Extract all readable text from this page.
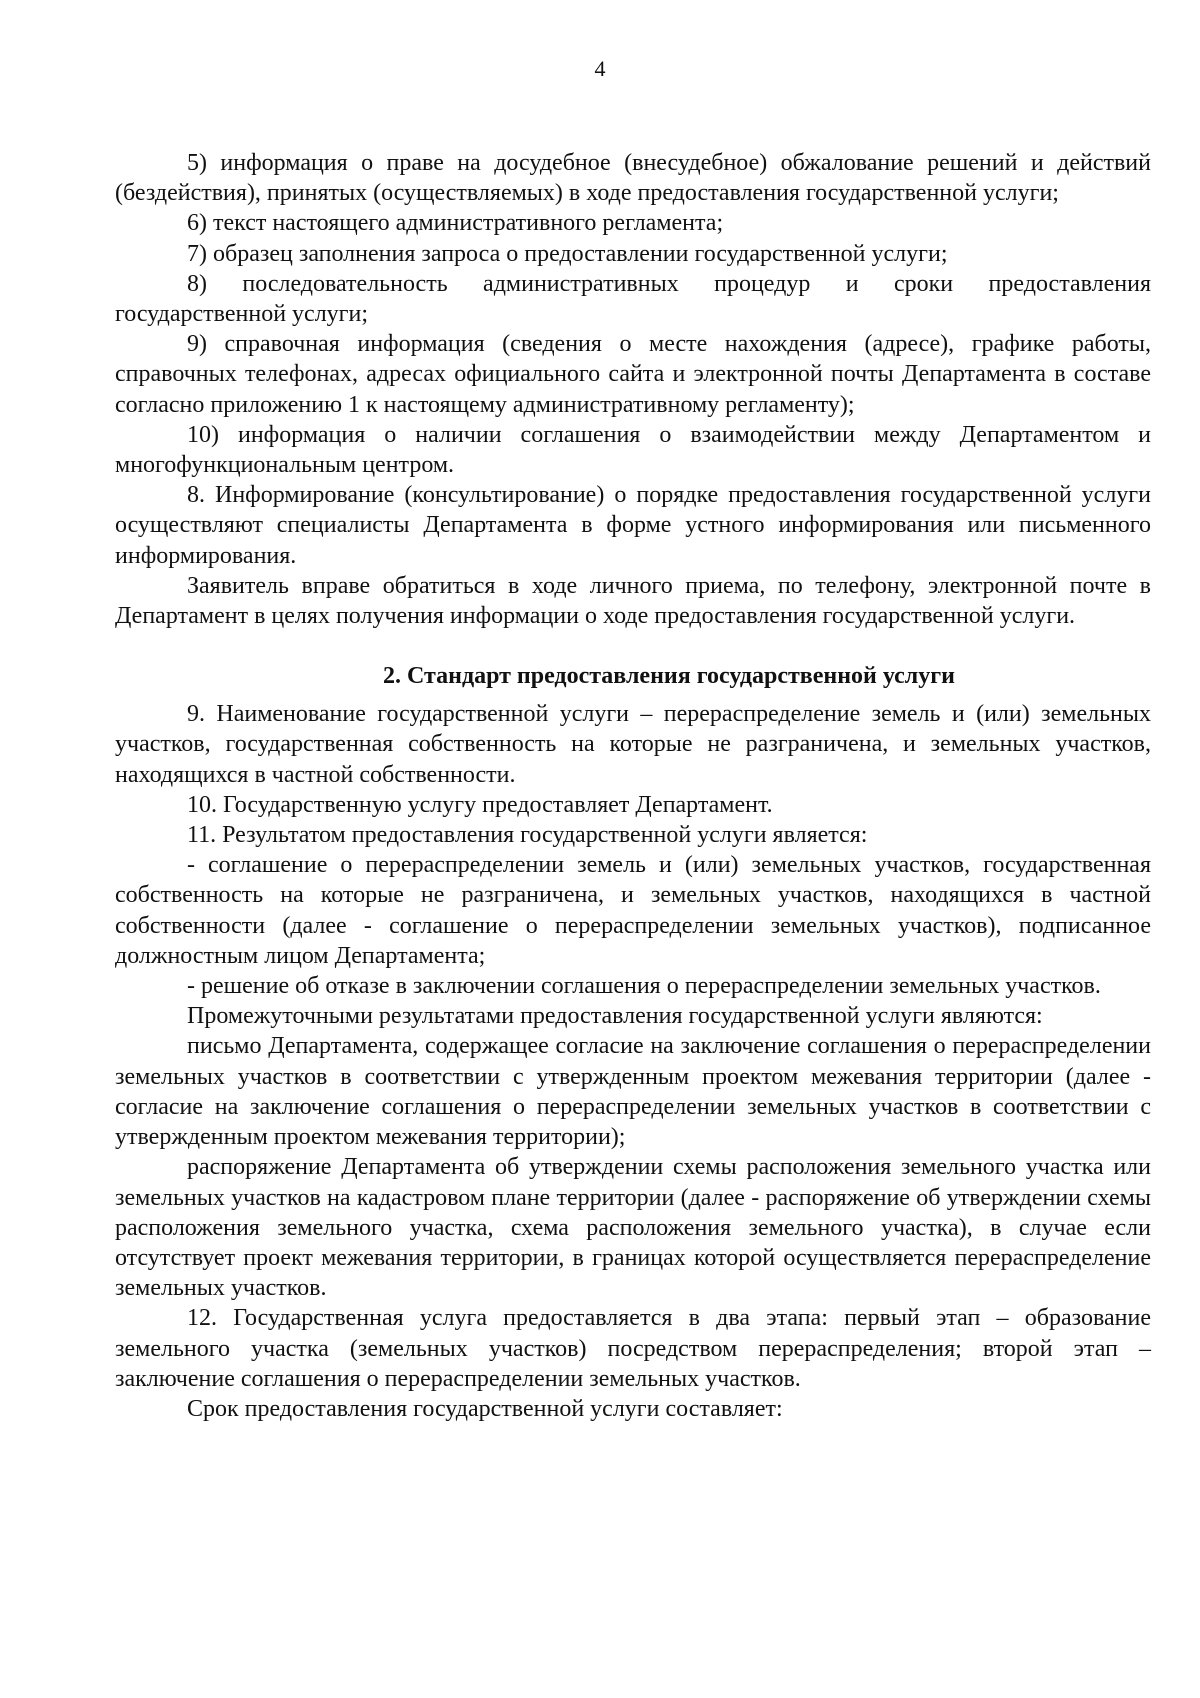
4

5) информация о праве на досудебное (внесудебное) обжалование решений и действий (бездействия), принятых (осуществляемых) в ходе предоставления государственной услуги;

6) текст настоящего административного регламента;

7) образец заполнения запроса о предоставлении государственной услуги;

8) последовательность административных процедур и сроки предоставления государственной услуги;

9) справочная информация (сведения о месте нахождения (адресе), графике работы, справочных телефонах, адресах официального сайта и электронной почты Департамента в составе согласно приложению 1 к настоящему административному регламенту);

10) информация о наличии соглашения о взаимодействии между Департаментом и многофункциональным центром.

8. Информирование (консультирование) о порядке предоставления государственной услуги осуществляют специалисты Департамента в форме устного информирования или письменного информирования.

Заявитель вправе обратиться в ходе личного приема, по телефону, электронной почте в Департамент в целях получения информации о ходе предоставления государственной услуги.

2. Стандарт предоставления государственной услуги

9. Наименование государственной услуги – перераспределение земель и (или) земельных участков, государственная собственность на которые не разграничена, и земельных участков, находящихся в частной собственности.

10. Государственную услугу предоставляет Департамент.

11. Результатом предоставления государственной услуги является:

- соглашение о перераспределении земель и (или) земельных участков, государственная собственность на которые не разграничена, и земельных участков, находящихся в частной собственности (далее - соглашение о перераспределении земельных участков), подписанное должностным лицом Департамента;

- решение об отказе в заключении соглашения о перераспределении земельных участков.

Промежуточными результатами предоставления государственной услуги являются:

письмо Департамента, содержащее согласие на заключение соглашения о перераспределении земельных участков в соответствии с утвержденным проектом межевания территории (далее - согласие на заключение соглашения о перераспределении земельных участков в соответствии с утвержденным проектом межевания территории);

распоряжение Департамента об утверждении схемы расположения земельного участка или земельных участков на кадастровом плане территории (далее - распоряжение об утверждении схемы расположения земельного участка, схема расположения земельного участка), в случае если отсутствует проект межевания территории, в границах которой осуществляется перераспределение земельных участков.

12. Государственная услуга предоставляется в два этапа: первый этап – образование земельного участка (земельных участков) посредством перераспределения; второй этап – заключение соглашения о перераспределении земельных участков.

Срок предоставления государственной услуги составляет:
